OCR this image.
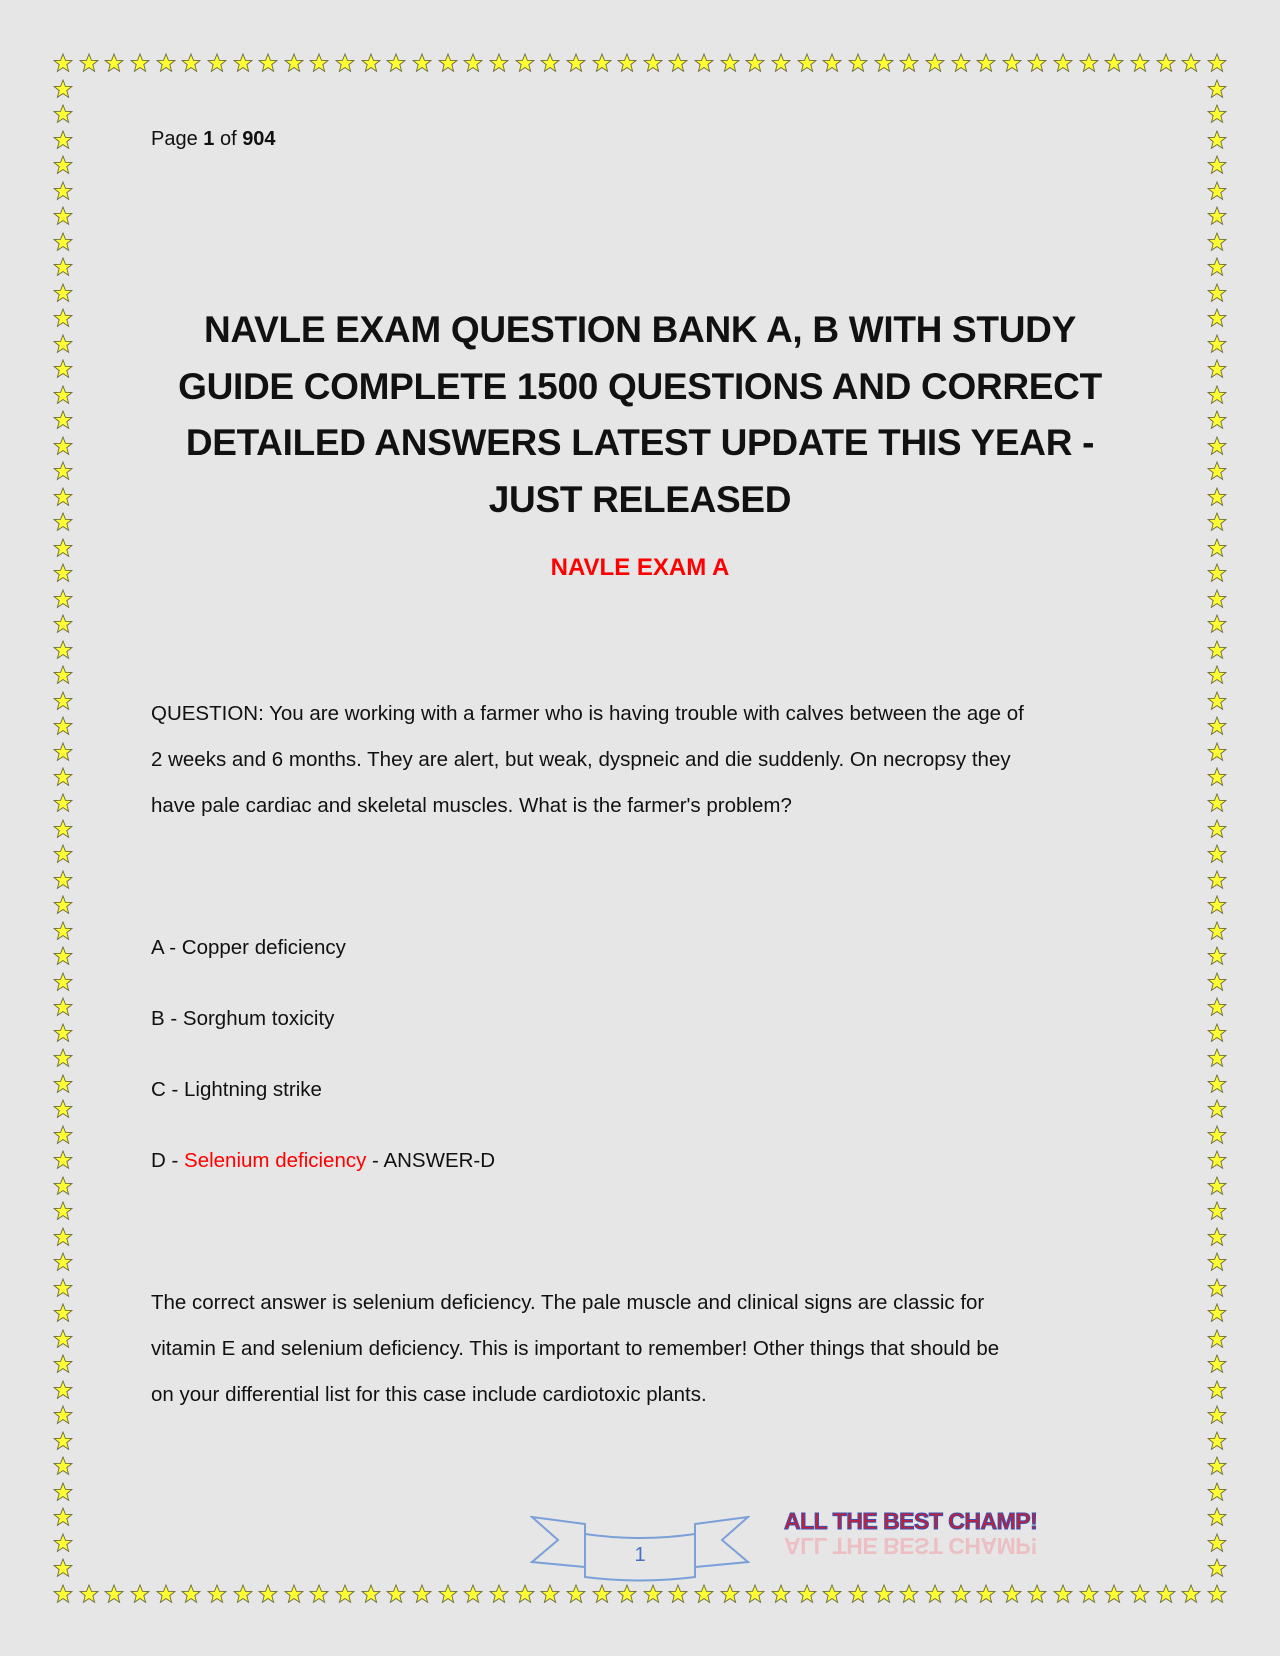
Page 1 of 904
NAVLE EXAM QUESTION BANK A, B WITH STUDY
GUIDE COMPLETE 1500 QUESTIONS AND CORRECT
DETAILED ANSWERS LATEST UPDATE THIS YEAR -
JUST RELEASED
NAVLE EXAM A
QUESTION: You are working with a farmer who is having trouble with calves between the age of
2 weeks and 6 months. They are alert, but weak, dyspneic and die suddenly. On necropsy they
have pale cardiac and skeletal muscles. What is the farmer's problem?
A - Copper deficiency
B - Sorghum toxicity
C - Lightning strike
D - Selenium deficiency - ANSWER-D
The correct answer is selenium deficiency. The pale muscle and clinical signs are classic for
vitamin E and selenium deficiency. This is important to remember! Other things that should be
on your differential list for this case include cardiotoxic plants.
1
ALL THE BEST CHAMP!
ALL THE BEST CHAMP!
